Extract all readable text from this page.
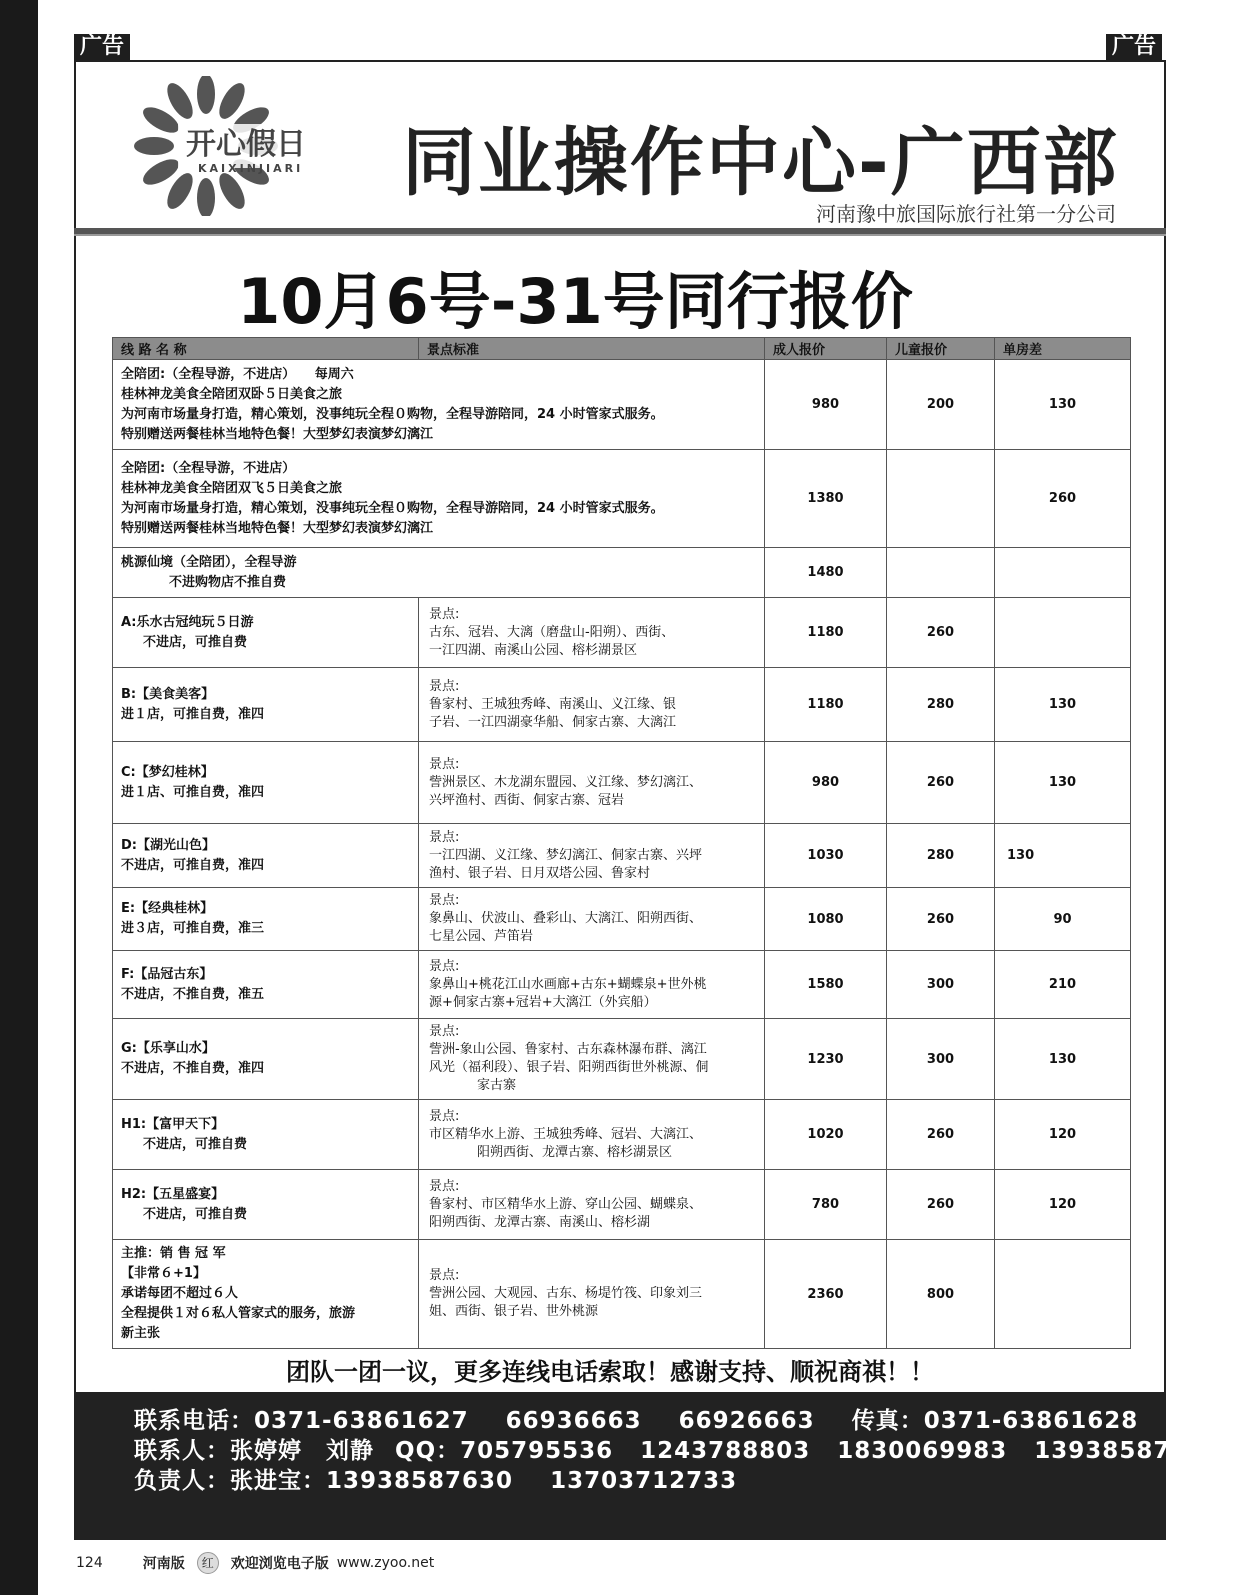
广告	广告
开心假日
KAIXINJIARI 同业操作中心-广西部
河南豫中旅国际旅行社第一分公司
10月6号-31号同行报价
线 路 名 称	景点标准	成人报价	儿童报价	单房差

全陪团:（全程导游，不进店）　　每周六
桂林神龙美食全陪团双卧５日美食之旅
为河南市场量身打造，精心策划，没事纯玩全程０购物，全程导游陪同，24 小时管家式服务。
特别赠送两餐桂林当地特色餐！大型梦幻表演梦幻漓江		980	200	130

全陪团:（全程导游，不进店）
桂林神龙美食全陪团双飞５日美食之旅
为河南市场量身打造，精心策划，没事纯玩全程０购物，全程导游陪同，24 小时管家式服务。
特别赠送两餐桂林当地特色餐！大型梦幻表演梦幻漓江		1380		260

桃源仙境（全陪团），全程导游
不进购物店不推自费		1480		

A:乐水古冠纯玩５日游
不进店，可推自费	景点:
古东、冠岩、大漓（磨盘山-阳朔）、西街、
一江四湖、南溪山公园、榕杉湖景区	1180	260	

B:【美食美客】
进１店，可推自费，准四	景点:
鲁家村、王城独秀峰、南溪山、义江缘、银
子岩、一江四湖豪华船、侗家古寨、大漓江	1180	280	130

C:【梦幻桂林】
进１店、可推自费，准四	景点:
訾洲景区、木龙湖东盟园、义江缘、梦幻漓江、
兴坪渔村、西街、侗家古寨、冠岩	980	260	130

D:【湖光山色】
不进店，可推自费，准四	景点:
一江四湖、义江缘、梦幻漓江、侗家古寨、兴坪
渔村、银子岩、日月双塔公园、鲁家村	1030	280	130

E:【经典桂林】
进３店，可推自费，准三	景点:
象鼻山、伏波山、叠彩山、大漓江、阳朔西街、
七星公园、芦笛岩	1080	260	90

F:【品冠古东】
不进店，不推自费，准五	景点:
象鼻山+桃花江山水画廊+古东+蝴蝶泉+世外桃
源+侗家古寨+冠岩+大漓江（外宾船）	1580	300	210

G:【乐享山水】
不进店，不推自费，准四	景点:
訾洲-象山公园、鲁家村、古东森林瀑布群、漓江
风光（福利段）、银子岩、阳朔西街世外桃源、侗
家古寨	1230	300	130

H1:【富甲天下】
不进店，可推自费	景点:
市区精华水上游、王城独秀峰、冠岩、大漓江、
阳朔西街、龙潭古寨、榕杉湖景区	1020	260	120

H2:【五星盛宴】
不进店，可推自费	景点:
鲁家村、市区精华水上游、穿山公园、蝴蝶泉、
阳朔西街、龙潭古寨、南溪山、榕杉湖	780	260	120

主推：销 售 冠 军
【非常６+1】
承诺每团不超过６人
全程提供１对６私人管家式的服务，旅游
新主张	景点:
訾洲公园、大观园、古东、杨堤竹筏、印象刘三
姐、西街、银子岩、世外桃源	2360	800	
团队一团一议，更多连线电话索取！感谢支持、顺祝商祺！！
联系电话：0371-63861627 66936663 66926663 传真：0371-63861628
联系人：张婷婷　刘静 QQ：705795536 1243788803 1830069983 13938587630
负责人：张进宝：13938587630 13703712733
124	河南版	红	欢迎浏览电子版 www.zyoo.net
